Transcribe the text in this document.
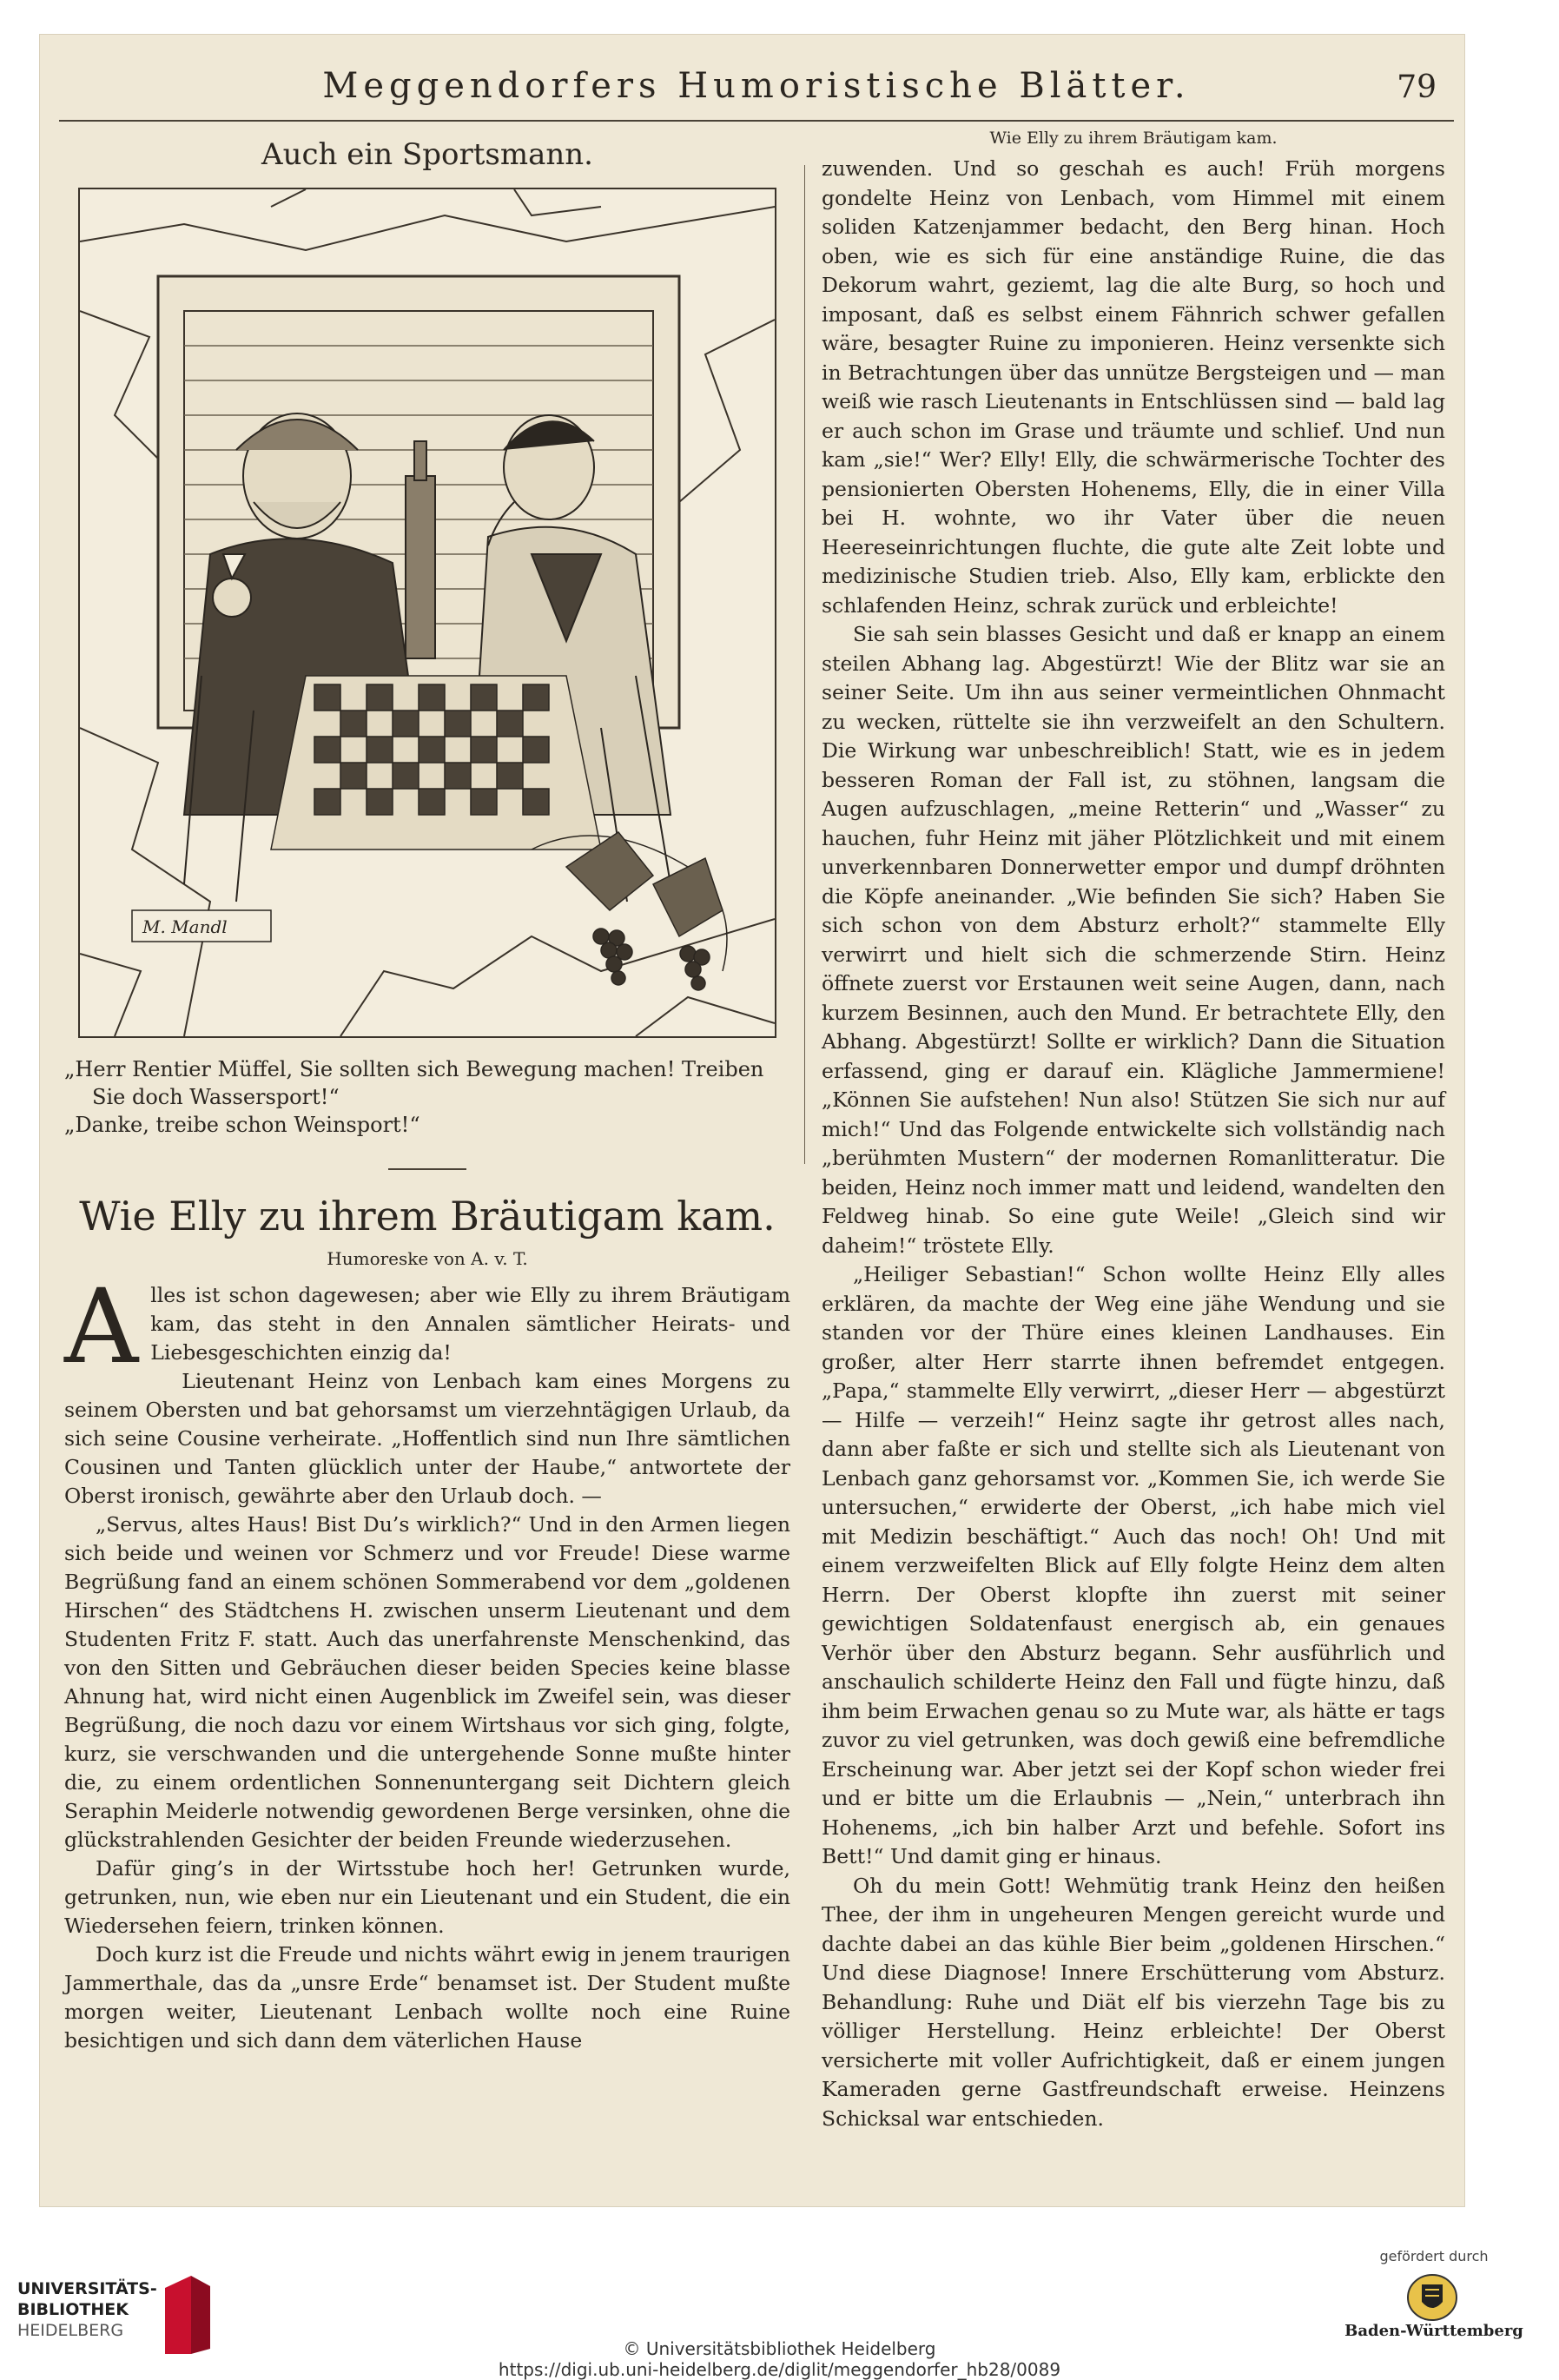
Meggendorfers Humoristische Blätter.	79
Auch ein Sportsmann.
M. Mandl

„Herr Rentier Müffel, Sie sollten sich Bewegung machen! Treiben

Sie doch Wassersport!“

„Danke, treibe schon Weinsport!“

Wie Elly zu ihrem Bräutigam kam.
Humoreske von A. v. T.

Alles ist schon dagewesen; aber wie Elly zu ihrem Bräutigam kam, das steht in den Annalen sämtlicher Heirats- und Liebesgeschichten einzig da!

Lieutenant Heinz von Lenbach kam eines Morgens zu seinem Obersten und bat gehorsamst um vierzehntägigen Urlaub, da sich seine Cousine verheirate. „Hoffentlich sind nun Ihre sämtlichen Cousinen und Tanten glücklich unter der Haube,“ antwortete der Oberst ironisch, gewährte aber den Urlaub doch. —

„Servus, altes Haus! Bist Du’s wirklich?“ Und in den Armen liegen sich beide und weinen vor Schmerz und vor Freude! Diese warme Begrüßung fand an einem schönen Sommerabend vor dem „goldenen Hirschen“ des Städtchens H. zwischen unserm Lieutenant und dem Studenten Fritz F. statt. Auch das unerfahrenste Menschenkind, das von den Sitten und Gebräuchen dieser beiden Species keine blasse Ahnung hat, wird nicht einen Augenblick im Zweifel sein, was dieser Begrüßung, die noch dazu vor einem Wirtshaus vor sich ging, folgte, kurz, sie verschwanden und die untergehende Sonne mußte hinter die, zu einem ordentlichen Sonnenuntergang seit Dichtern gleich Seraphin Meiderle notwendig gewordenen Berge versinken, ohne die glückstrahlenden Gesichter der beiden Freunde wiederzusehen.

Dafür ging’s in der Wirtsstube hoch her! Getrunken wurde, getrunken, nun, wie eben nur ein Lieutenant und ein Student, die ein Wiedersehen feiern, trinken können.

Doch kurz ist die Freude und nichts währt ewig in jenem traurigen Jammerthale, das da „unsre Erde“ benamset ist. Der Student mußte morgen weiter, Lieutenant Lenbach wollte noch eine Ruine besichtigen und sich dann dem väterlichen Hause

Wie Elly zu ihrem Bräutigam kam.

zuwenden. Und so geschah es auch! Früh morgens gondelte Heinz von Lenbach, vom Himmel mit einem soliden Katzenjammer bedacht, den Berg hinan. Hoch oben, wie es sich für eine anständige Ruine, die das Dekorum wahrt, geziemt, lag die alte Burg, so hoch und imposant, daß es selbst einem Fähnrich schwer gefallen wäre, besagter Ruine zu imponieren. Heinz versenkte sich in Betrachtungen über das unnütze Bergsteigen und — man weiß wie rasch Lieutenants in Entschlüssen sind — bald lag er auch schon im Grase und träumte und schlief. Und nun kam „sie!“ Wer? Elly! Elly, die schwärmerische Tochter des pensionierten Obersten Hohenems, Elly, die in einer Villa bei H. wohnte, wo ihr Vater über die neuen Heereseinrichtungen fluchte, die gute alte Zeit lobte und medizinische Studien trieb. Also, Elly kam, erblickte den schlafenden Heinz, schrak zurück und erbleichte!

Sie sah sein blasses Gesicht und daß er knapp an einem steilen Abhang lag. Abgestürzt! Wie der Blitz war sie an seiner Seite. Um ihn aus seiner vermeintlichen Ohnmacht zu wecken, rüttelte sie ihn verzweifelt an den Schultern. Die Wirkung war unbeschreiblich! Statt, wie es in jedem besseren Roman der Fall ist, zu stöhnen, langsam die Augen aufzuschlagen, „meine Retterin“ und „Wasser“ zu hauchen, fuhr Heinz mit jäher Plötzlichkeit und mit einem unverkennbaren Donnerwetter empor und dumpf dröhnten die Köpfe aneinander. „Wie befinden Sie sich? Haben Sie sich schon von dem Absturz erholt?“ stammelte Elly verwirrt und hielt sich die schmerzende Stirn. Heinz öffnete zuerst vor Erstaunen weit seine Augen, dann, nach kurzem Besinnen, auch den Mund. Er betrachtete Elly, den Abhang. Abgestürzt! Sollte er wirklich? Dann die Situation erfassend, ging er darauf ein. Klägliche Jammermiene! „Können Sie aufstehen! Nun also! Stützen Sie sich nur auf mich!“ Und das Folgende entwickelte sich vollständig nach „berühmten Mustern“ der modernen Romanlitteratur. Die beiden, Heinz noch immer matt und leidend, wandelten den Feldweg hinab. So eine gute Weile! „Gleich sind wir daheim!“ tröstete Elly.

„Heiliger Sebastian!“ Schon wollte Heinz Elly alles erklären, da machte der Weg eine jähe Wendung und sie standen vor der Thüre eines kleinen Landhauses. Ein großer, alter Herr starrte ihnen befremdet entgegen. „Papa,“ stammelte Elly verwirrt, „dieser Herr — abgestürzt — Hilfe — verzeih!“ Heinz sagte ihr getrost alles nach, dann aber faßte er sich und stellte sich als Lieutenant von Lenbach ganz gehorsamst vor. „Kommen Sie, ich werde Sie untersuchen,“ erwiderte der Oberst, „ich habe mich viel mit Medizin beschäftigt.“ Auch das noch! Oh! Und mit einem verzweifelten Blick auf Elly folgte Heinz dem alten Herrn. Der Oberst klopfte ihn zuerst mit seiner gewichtigen Soldatenfaust energisch ab, ein genaues Verhör über den Absturz begann. Sehr ausführlich und anschaulich schilderte Heinz den Fall und fügte hinzu, daß ihm beim Erwachen genau so zu Mute war, als hätte er tags zuvor zu viel getrunken, was doch gewiß eine befremdliche Erscheinung war. Aber jetzt sei der Kopf schon wieder frei und er bitte um die Erlaubnis — „Nein,“ unterbrach ihn Hohenems, „ich bin halber Arzt und befehle. Sofort ins Bett!“ Und damit ging er hinaus.

Oh du mein Gott! Wehmütig trank Heinz den heißen Thee, der ihm in ungeheuren Mengen gereicht wurde und dachte dabei an das kühle Bier beim „goldenen Hirschen.“ Und diese Diagnose! Innere Erschütterung vom Absturz. Behandlung: Ruhe und Diät elf bis vierzehn Tage bis zu völliger Herstellung. Heinz erbleichte! Der Oberst versicherte mit voller Aufrichtigkeit, daß er einem jungen Kameraden gerne Gastfreundschaft erweise. Heinzens Schicksal war entschieden.

UNIVERSITÄTS-
BIBLIOTHEK
HEIDELBERG
© Universitätsbibliothek Heidelberg
https://digi.ub.uni-heidelberg.de/diglit/meggendorfer_hb28/0089
gefördert durch
Baden-Württemberg
